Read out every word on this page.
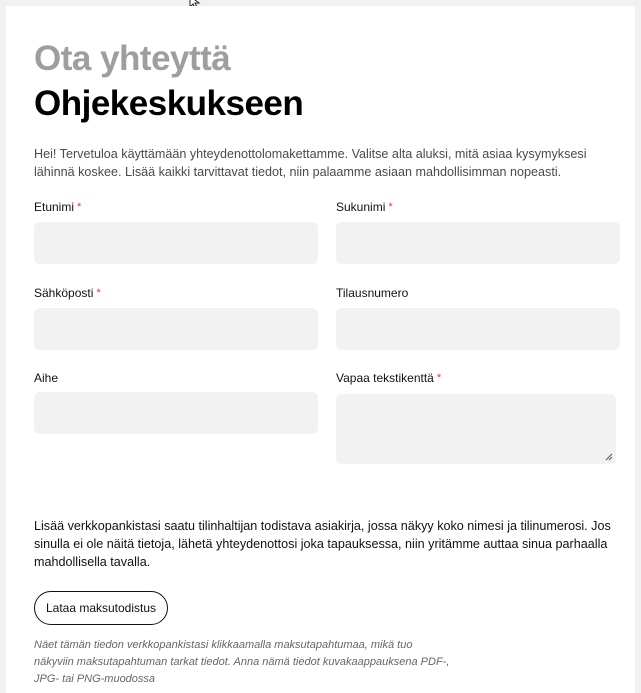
Ota yhteyttä
Ohjekeskukseen
Hei! Tervetuloa käyttämään yhteydenottolomakettamme. Valitse alta aluksi, mitä asiaa kysymyksesi lähinnä koskee. Lisää kaikki tarvittavat tiedot, niin palaamme asiaan mahdollisimman nopeasti.
Etunimi *	Sukunimi *
Sähköposti *	Tilausnumero
Aihe	Vapaa tekstikenttä *
Lisää verkkopankistasi saatu tilinhaltijan todistava asiakirja, jossa näkyy koko nimesi ja tilinumerosi. Jos sinulla ei ole näitä tietoja, lähetä yhteydenottosi joka tapauksessa, niin yritämme auttaa sinua parhaalla mahdollisella tavalla.
Lataa maksutodistus
Näet tämän tiedon verkkopankistasi klikkaamalla maksutapahtumaa, mikä tuo näkyviin maksutapahtuman tarkat tiedot. Anna nämä tiedot kuvakaappauksena PDF-, JPG- tai PNG-muodossa
